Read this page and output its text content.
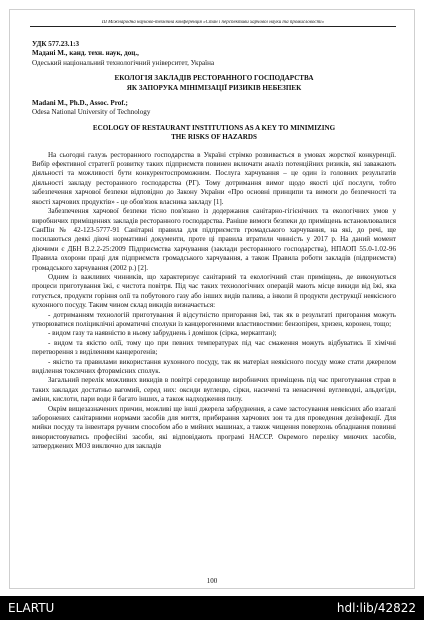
ІІІ Міжнародна науково-технічна конференція «Стан і перспективи харчової науки та промисловості»
УДК 577.23.1:3
Мадані М., канд. техн. наук, доц.,
Одеський національний технологічний університет, Україна
ЕКОЛОГІЯ ЗАКЛАДІВ РЕСТОРАННОГО ГОСПОДАРСТВА
ЯК ЗАПОРУКА МІНІМІЗАЦІЇ РИЗИКІВ НЕБЕЗПЕК
Madani M., Ph.D., Assoc. Prof.;
Odesa National University of Technology
ECOLOGY OF RESTAURANT INSTITUTIONS AS A KEY TO MINIMIZING
THE RISKS OF HAZARDS

На сьогодні галузь ресторанного господарства в Україні стрімко розвивається в умовах жорсткої конкуренції. Вибір ефективної стратегії розвитку таких підприємств повинен включати аналіз потенційних ризиків, які заважають діяльності та можливості бути конкурентоспроможним. Послуга харчування – це один із головних результатів діяльності закладу ресторанного господарства (РГ). Тому дотримання вимог щодо якості цієї послуги, тобто забезпечення харчової безпеки відповідно до Закону України «Про основні принципи та вимоги до безпечності та якості харчових продуктів» - це обов'язок власника закладу [1].

Забезпечення харчової безпеки тісно пов'язано із додержання санітарно-гігієнічних та екологічних умов у виробничих приміщеннях закладів ресторанного господарства. Раніше вимоги безпеки до приміщень встановлювалися СанПін № 42-123-5777-91 Санітарні правила для підприємств громадського харчування, на які, до речі, ще посилаються деякі діючі нормативні документи, проте ці правила втратили чинність у 2017 р. На даний момент діючими є ДБН В.2.2-25:2009 Підприємства харчування (заклади ресторанного господарства), НПАОП 55.0-1.02-96 Правила охорони праці для підприємств громадського харчування, а також Правила роботи закладів (підприємств) громадського харчування (2002 р.) [2].

Одним із важливих чинників, що характеризує санітарний та екологічний стан приміщень, де виконуються процеси приготування їжі, є чистота повітря. Під час таких технологічних операцій мають місце викиди від їжі, яка готується, продукти горіння олії та побутового газу або інших видів палива, а інколи й продукти деструкції неякісного кухонного посуду. Таким чином склад викидів визначається:

- дотриманням технологій приготування й відсутністю пригорання їжі, так як в результаті пригорання можуть утворюватися поліциклічні ароматичні сполуки із канцерогенними властивостями: бензопірен, хризен, коронен, тощо;

- видом газу та наявністю в ньому забруднень і домішок (сірка, меркаптан);

- видом та якістю олії, тому що при певних температурах під час смаження можуть відбуватись її хімічні перетворення з виділенням канцерогенів;

- якістю та правилами використання кухонного посуду, так як матеріал неякісного посуду може стати джерелом виділення токсичних фторвмісних сполук.

Загальний перелік можливих викидів в повітрі середовище виробничих приміщень під час приготування страв в таких закладах достатньо вагомий, серед них: оксиди вуглецю, сірки, насичені та ненасичені вуглеводні, альдегіди, аміни, кислоти, пари води й багато інших, а також надходження пилу.

Окрім вищезазначених причин, можливі ще інші джерела забруднення, а саме застосування неякісних або взагалі заборонених санітарними нормами засобів для миття, прибирання харчових зон та для проведення дезінфекції. Для мийки посуду та інвентаря ручним способом або в мийних машинах, а також чищення поверхонь обладнання повинні використовуватись професійні засоби, які відповідають програмі НАССР. Окремого переліку миючих засобів, затверджених МОЗ виключно для закладів

100
ELARTU	hdl:lib/42822
